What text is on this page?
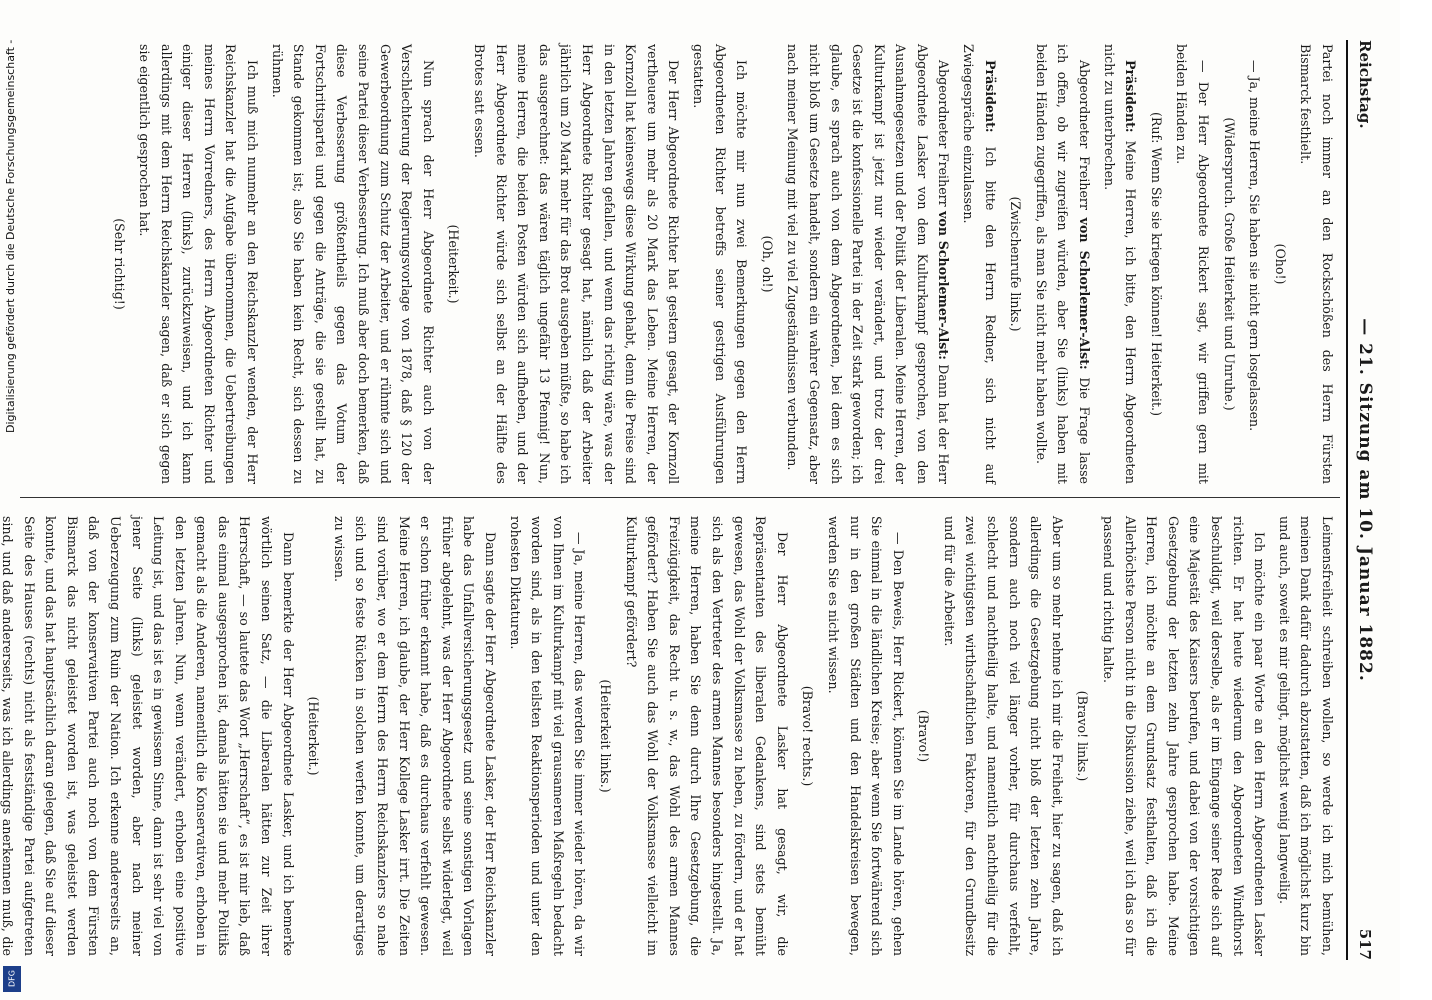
Reichstag.
— 21. Sitzung am 10. Januar 1882.
517

Partei noch immer an den Rockschößen des Herrn Fürsten Bismarck festhielt.

(Oho!)

— Ja, meine Herren, Sie haben sie nicht gern losgelassen.

(Widerspruch. Große Heiterkeit und Unruhe.)

— Der Herr Abgeordnete Rickert sagt, wir griffen gern mit beiden Händen zu.

(Ruf: Wenn Sie sie kriegen können! Heiterkeit.)

Präsident: Meine Herren, ich bitte, den Herrn Abgeordneten nicht zu unterbrechen.

Abgeordneter Freiherr von Schorlemer-Alst: Die Frage lasse ich offen, ob wir zugreifen würden, aber Sie (links) haben mit beiden Händen zugegriffen, als man Sie nicht mehr haben wollte.

(Zwischenrufe links.)

Präsident: Ich bitte den Herrn Redner, sich nicht auf Zwiegespräche einzulassen.

Abgeordneter Freiherr von Schorlemer-Alst: Dann hat der Herr Abgeordnete Lasker von dem Kulturkampf gesprochen, von den Ausnahmegesetzen und der Politik der Liberalen. Meine Herren, der Kulturkampf ist jetzt nur wieder verändert, und trotz der drei Gesetze ist die konfessionelle Partei in der Zeit stark geworden; ich glaube, es sprach auch von dem Abgeordneten, bei dem es sich nicht bloß um Gesetze handelt, sondern ein wahrer Gegensatz, aber nach meiner Meinung mit viel zu viel Zugeständnissen verbunden.

(Oh, oh!)

Ich möchte mir nun zwei Bemerkungen gegen den Herrn Abgeordneten Richter betreffs seiner gestrigen Ausführungen gestatten.

Der Herr Abgeordnete Richter hat gestern gesagt, der Kornzoll vertheuere um mehr als 20 Mark das Leben. Meine Herren, der Kornzoll hat keineswegs diese Wirkung gehabt, denn die Preise sind in den letzten Jahren gefallen, und wenn das richtig wäre, was der Herr Abgeordnete Richter gesagt hat, nämlich daß der Arbeiter jährlich um 20 Mark mehr für das Brot ausgeben müßte, so habe ich das ausgerechnet: das wären täglich ungefähr 13 Pfennig! Nun, meine Herren, die beiden Posten würden sich aufheben, und der Herr Abgeordnete Richter würde sich selbst an der Hälfte des Brotes satt essen.

(Heiterkeit.)

Nun sprach der Herr Abgeordnete Richter auch von der Verschlechterung der Regierungsvorlage von 1878, daß § 120 der Gewerbeordnung zum Schutz der Arbeiter, und er rühmte sich und seine Partei dieser Verbesserung. Ich muß aber doch bemerken, daß diese Verbesserung größtentheils gegen das Votum der Fortschrittspartei und gegen die Anträge, die sie gestellt hat, zu Stande gekommen ist; also Sie haben kein Recht, sich dessen zu rühmen.

Ich muß mich nunmehr an den Reichskanzler wenden, der Herr Reichskanzler hat die Aufgabe übernommen, die Uebertreibungen meines Herrn Vorredners, des Herrn Abgeordneten Richter und einiger dieser Herren (links), zurückzuweisen, und ich kann allerdings mit dem Herrn Reichskanzler sagen, daß er sich gegen sie eigentlich gesprochen hat.

(Sehr richtig!)

Leimensfreiheit schreiben wollen, so werde ich mich bemühen, meinen Dank dafür dadurch abzustatten, daß ich möglichst kurz bin und auch, soweit es mir gelingt, möglichst wenig langweilig.

Ich möchte ein paar Worte an den Herrn Abgeordneten Lasker richten. Er hat heute wiederum den Abgeordneten Windthorst beschuldigt, weil derselbe, als er im Eingange seiner Rede sich auf eine Majestät des Kaisers berufen, und dabei von der vorsichtigen Gesetzgebung der letzten zehn Jahre gesprochen habe. Meine Herren, ich möchte an dem Grundsatz festhalten, daß ich die Allerhöchste Person nicht in die Diskussion ziehe, weil ich das so für passend und richtig halte.

(Bravo! links.)

Aber um so mehr nehme ich mir die Freiheit, hier zu sagen, daß ich allerdings die Gesetzgebung nicht bloß der letzten zehn Jahre, sondern auch noch viel länger vorher, für durchaus verfehlt, schlecht und nachtheilig halte, und namentlich nachtheilig für die zwei wichtigsten wirthschaftlichen Faktoren, für den Grundbesitz und für die Arbeiter.

(Bravo!)

— Den Beweis, Herr Rickert, können Sie im Lande hören, gehen Sie einmal in die ländlichen Kreise; aber wenn Sie fortwährend sich nur in den großen Städten und den Handelskreisen bewegen, werden Sie es nicht wissen.

(Bravo! rechts.)

Der Herr Abgeordnete Lasker hat gesagt, wir, die Repräsentanten des liberalen Gedankens, sind stets bemüht gewesen, das Wohl der Volksmasse zu heben, zu fördern, und er hat sich als den Vertreter des armen Mannes besonders hingestellt. Ja, meine Herren, haben Sie denn durch Ihre Gesetzgebung, die Freizügigkeit, das Recht u. s. w., das Wohl des armen Mannes gefördert? Haben Sie auch das Wohl der Volksmasse vielleicht im Kulturkampf gefördert?

(Heiterkeit links.)

— Ja, meine Herren, das werden Sie immer wieder hören, da wir von Ihnen im Kulturkampf mit viel grausameren Maßregeln bedacht worden sind, als in den teilsten Reaktionsperioden und unter den rohesten Diktaturen.

Dann sagte der Herr Abgeordnete Lasker, der Herr Reichskanzler habe das Unfallversicherungsgesetz und seine sonstigen Vorlagen früher abgelehnt, was der Herr Abgeordnete selbst widerlegt, weil er schon früher erkannt habe, daß es durchaus verfehlt gewesen. Meine Herren, ich glaube, der Herr Kollege Lasker irrt. Die Zeiten sind vorüber, wo er dem Herrn des Herrn Reichskanzlers so nahe sich und so feste Rücken in solchen werfen konnte, um derartiges zu wissen.

(Heiterkeit.)

Dann bemerkte der Herr Abgeordnete Lasker, und ich bemerke wörtlich seinen Satz, — die Liberalen hätten zur Zeit ihrer Herrschaft, — so lautete das Wort „Herrschaft“, es ist mir lieb, daß das einmal ausgesprochen ist, damals hätten sie und mehr Politiks gemacht als die Anderen, namentlich die Konservativen, erhoben in den letzten Jahren. Nun, wenn verändert, erhoben eine positive Leitung ist, und das ist es in gewissem Sinne, dann ist sehr viel von jener Seite (links) geleistet worden, aber nach meiner Ueberzeugung zum Ruin der Nation. Ich erkenne andererseits an, daß von der konservativen Partei auch noch von dem Fürsten Bismarck das nicht geleistet worden ist, was geleistet werden konnte, und das hat hauptsächlich daran gelegen, daß Sie auf dieser Seite des Hauses (rechts) nicht als festständige Partei aufgetreten sind, und daß andererseits, was ich allerdings anerkennen muß, die

Digitalisierung gefördert durch die Deutsche Forschungsgemeinschaft -
DFG
